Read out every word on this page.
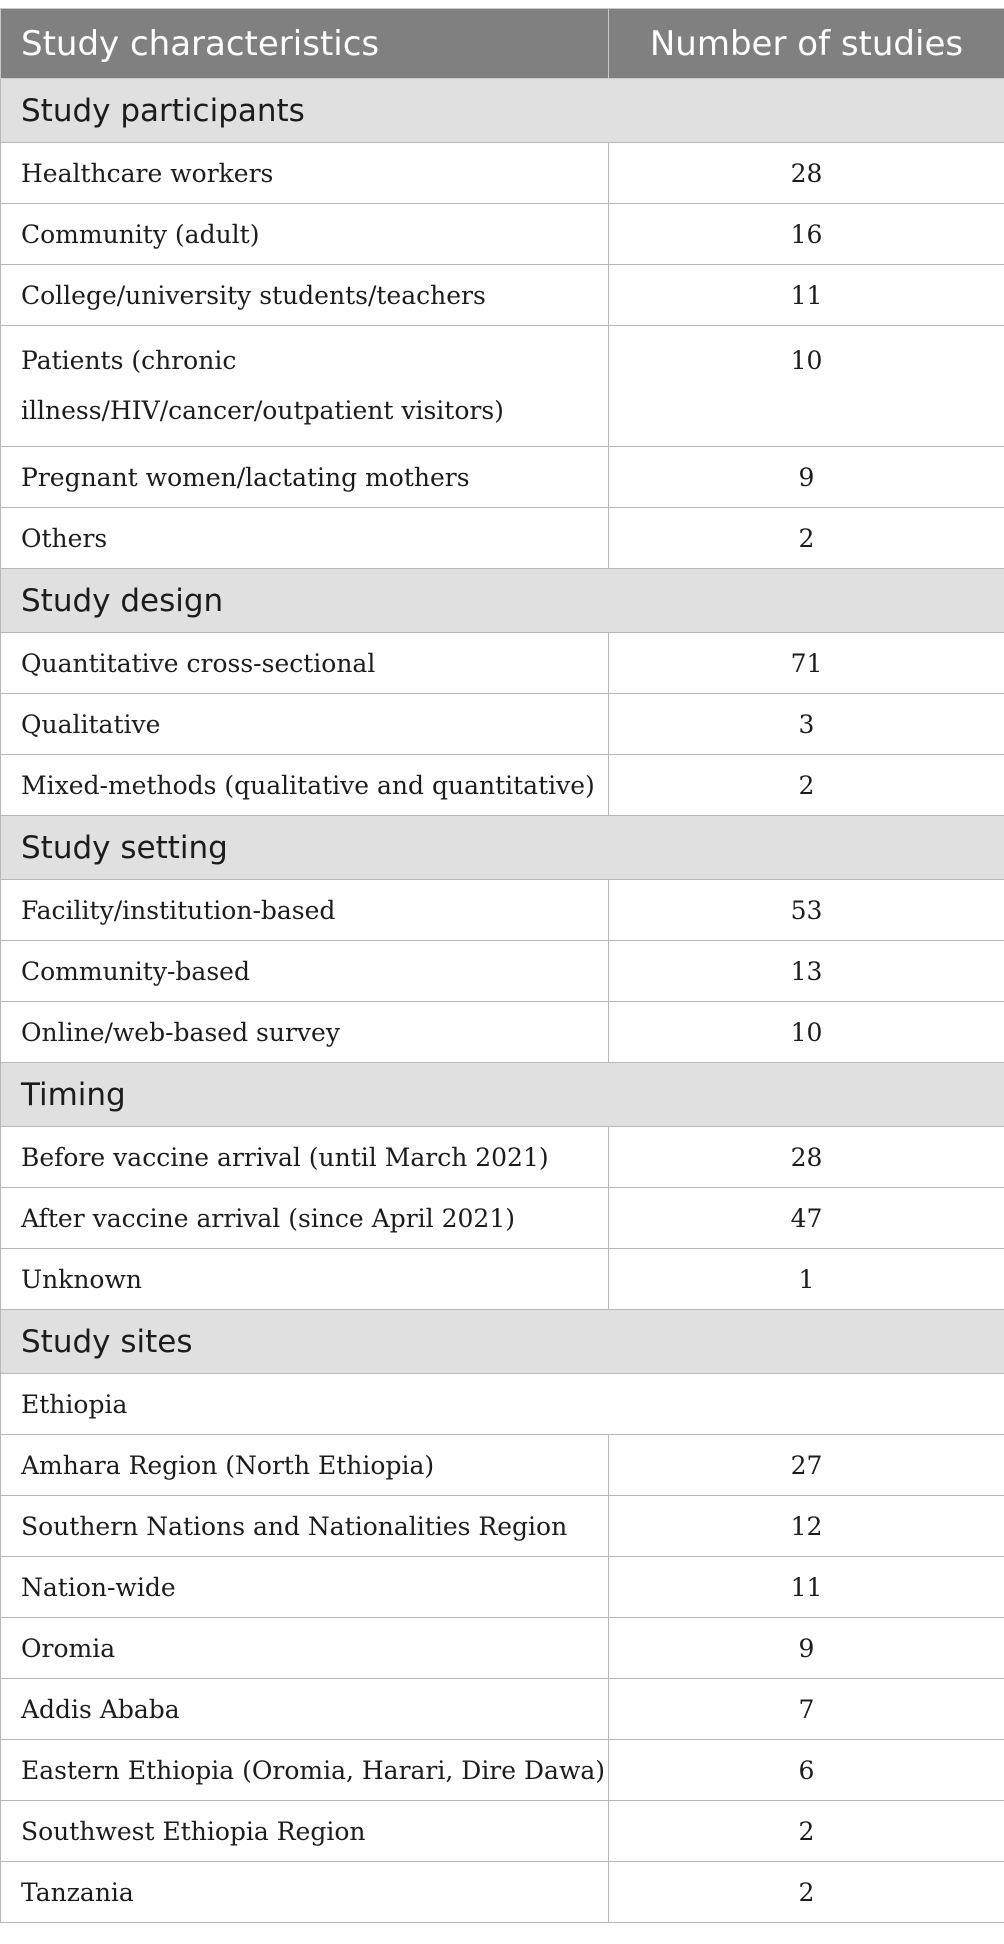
Study characteristics	Number of studies
Study participants	
Healthcare workers	28
Community (adult)	16
College/university students/teachers	11
Patients (chronic illness/HIV/cancer/outpatient visitors)	10
Pregnant women/lactating mothers	9
Others	2
Study design	
Quantitative cross-sectional	71
Qualitative	3
Mixed-methods (qualitative and quantitative)	2
Study setting	
Facility/institution-based	53
Community-based	13
Online/web-based survey	10
Timing	
Before vaccine arrival (until March 2021)	28
After vaccine arrival (since April 2021)	47
Unknown	1
Study sites	
Ethiopia	
Amhara Region (North Ethiopia)	27
Southern Nations and Nationalities Region	12
Nation-wide	11
Oromia	9
Addis Ababa	7
Eastern Ethiopia (Oromia, Harari, Dire Dawa)	6
Southwest Ethiopia Region	2
Tanzania	2
